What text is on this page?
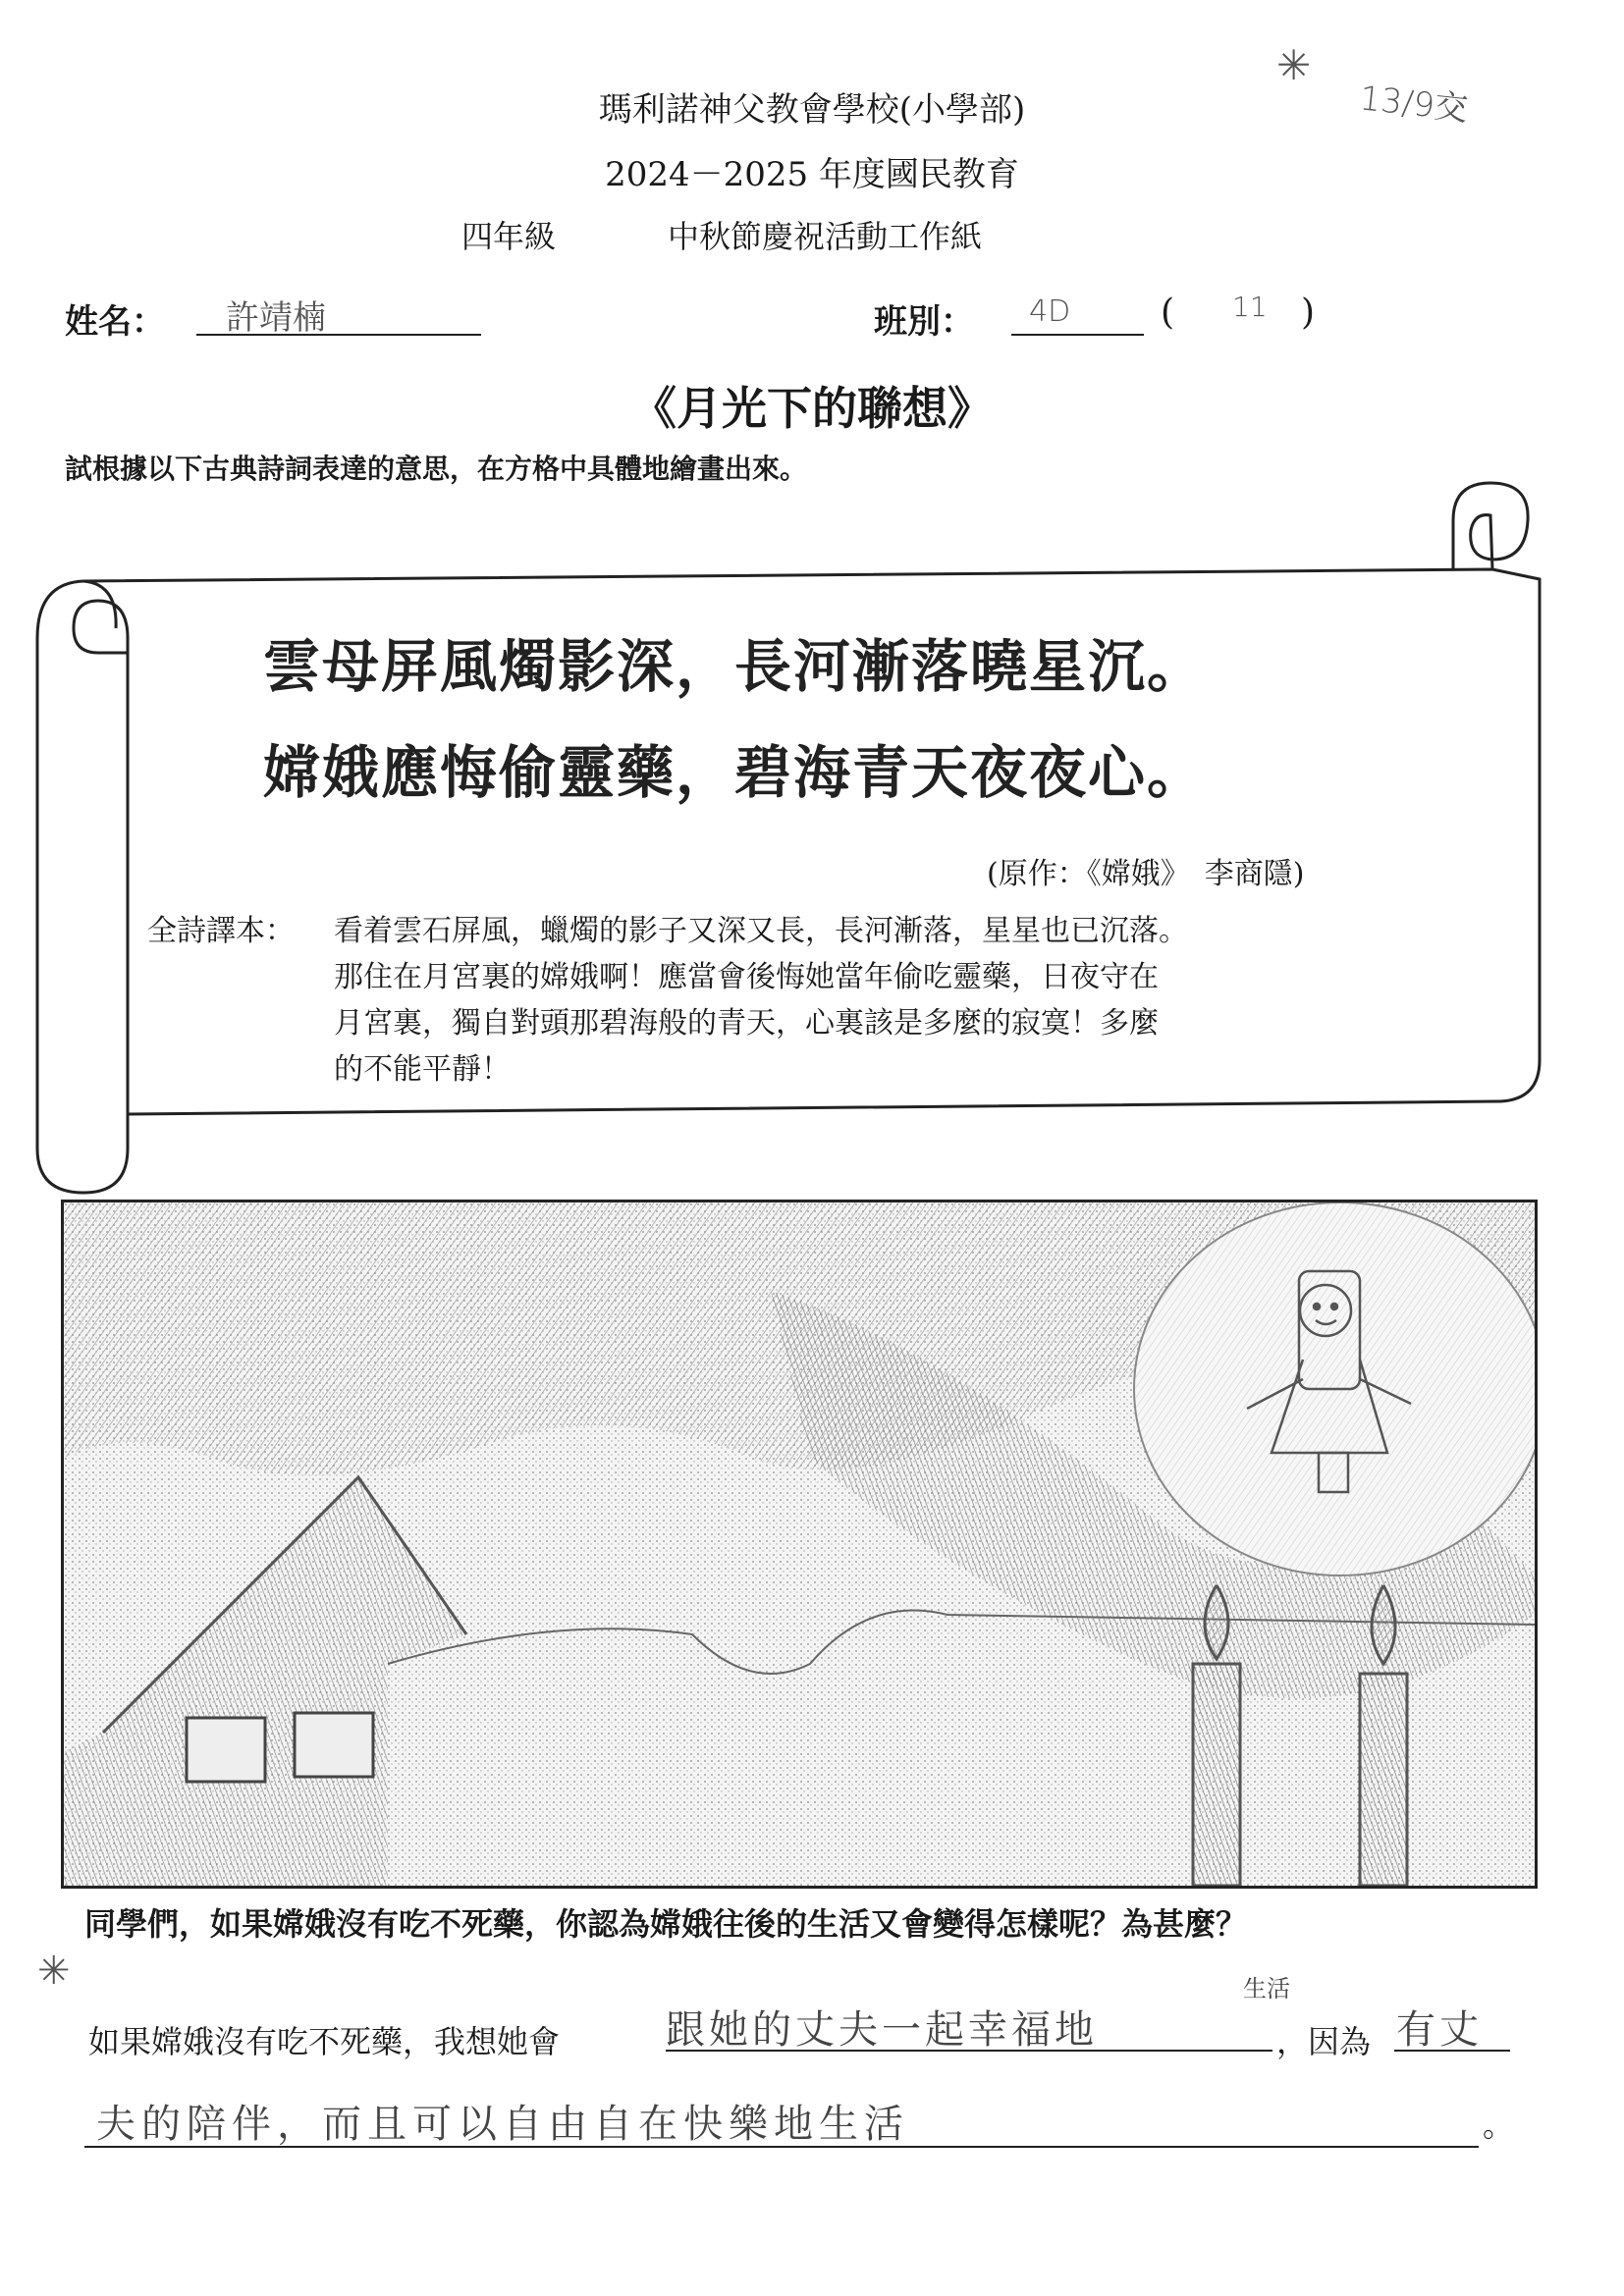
瑪利諾神父教會學校(小學部)
2024－2025 年度國民教育
四年級	中秋節慶祝活動工作紙
✳
13/9交
姓名： 許靖楠	班別： 4D	( 11 )
《月光下的聯想》
試根據以下古典詩詞表達的意思，在方格中具體地繪畫出來。
雲母屏風燭影深，長河漸落曉星沉。
嫦娥應悔偷靈藥，碧海青天夜夜心。
(原作：《嫦娥》　李商隱)
全詩譯本： 看着雲石屏風，蠟燭的影子又深又長，長河漸落，星星也已沉落。
那住在月宮裏的嫦娥啊！應當會後悔她當年偷吃靈藥，日夜守在
月宮裏，獨自對頭那碧海般的青天，心裏該是多麼的寂寞！多麼
的不能平靜！
同學們，如果嫦娥沒有吃不死藥，你認為嫦娥往後的生活又會變得怎樣呢？為甚麼？
✳
如果嫦娥沒有吃不死藥，我想她會	跟她的丈夫一起幸福地
生活
，因為 有丈
夫的陪伴，而且可以自由自在快樂地生活	。
